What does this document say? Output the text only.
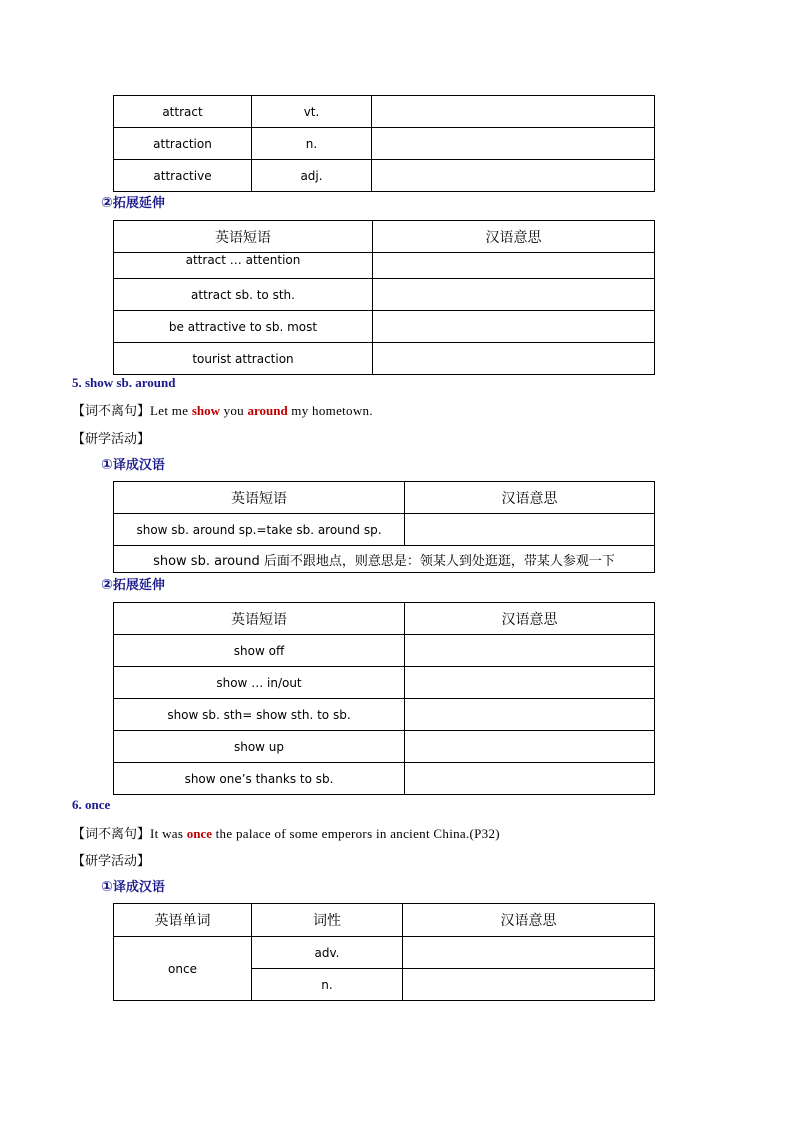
attract	vt.	
attraction	n.	
attractive	adj.	
②拓展延伸
英语短语	汉语意思
attract … attention	
attract sb. to sth.	
be attractive to sb. most	
tourist attraction	
5. show sb. around
【词不离句】Let me show you around my hometown.
【研学活动】
①译成汉语
英语短语	汉语意思
show sb. around sp.=take sb. around sp.	
show sb. around 后面不跟地点，则意思是：领某人到处逛逛，带某人参观一下	
②拓展延伸
英语短语	汉语意思
show off	
show … in/out	
show sb. sth= show sth. to sb.	
show up	
show one’s thanks to sb.	
6. once
【词不离句】It was once the palace of some emperors in ancient China.(P32)
【研学活动】
①译成汉语
英语单词	词性	汉语意思
once	adv.	
	n.	
